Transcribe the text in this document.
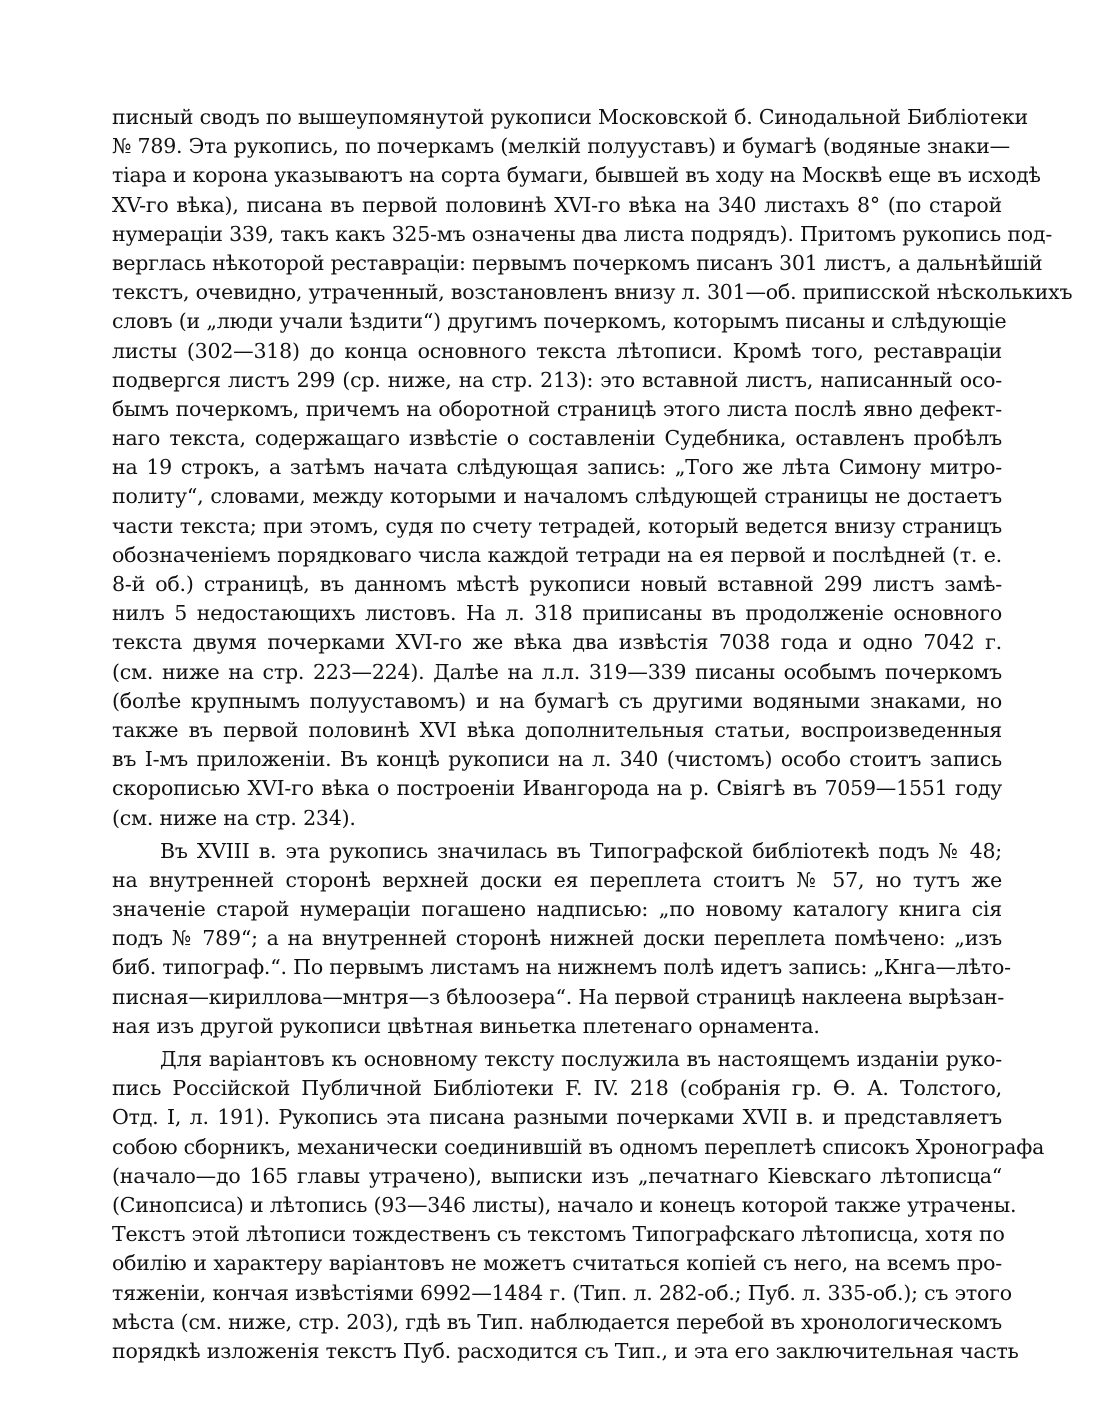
писный сводъ по вышеупомянутой рукописи Московской б. Синодальной Библіотеки
№ 789. Эта рукопись, по почеркамъ (мелкій полууставъ) и бумагѣ (водяные знаки—
тіара и корона указываютъ на сорта бумаги, бывшей въ ходу на Москвѣ еще въ исходѣ
XV-го вѣка), писана въ первой половинѣ XVI-го вѣка на 340 листахъ 8° (по старой
нумераціи 339, такъ какъ 325-мъ означены два листа подрядъ). Притомъ рукопись под-
верглась нѣкоторой реставраціи: первымъ почеркомъ писанъ 301 листъ, а дальнѣйшій
текстъ, очевидно, утраченный, возстановленъ внизу л. 301—об. приписской нѣсколькихъ
словъ (и „люди учали ѣздити“) другимъ почеркомъ, которымъ писаны и слѣдующіе
листы (302—318) до конца основного текста лѣтописи. Кромѣ того, реставраціи
подвергся листъ 299 (ср. ниже, на стр. 213): это вставной листъ, написанный осо-
бымъ почеркомъ, причемъ на оборотной страницѣ этого листа послѣ явно дефект-
наго текста, содержащаго извѣстіе о составленіи Судебника, оставленъ пробѣлъ
на 19 строкъ, а затѣмъ начата слѣдующая запись: „Того же лѣта Симону митро-
политу“, словами, между которыми и началомъ слѣдующей страницы не достаетъ
части текста; при этомъ, судя по счету тетрадей, который ведется внизу страницъ
обозначеніемъ порядковаго числа каждой тетради на ея первой и послѣдней (т. е.
8-й об.) страницѣ, въ данномъ мѣстѣ рукописи новый вставной 299 листъ замѣ-
нилъ 5 недостающихъ листовъ. На л. 318 приписаны въ продолженіе основного
текста двумя почерками XVI-го же вѣка два извѣстія 7038 года и одно 7042 г.
(см. ниже на стр. 223—224). Далѣе на л.л. 319—339 писаны особымъ почеркомъ
(болѣе крупнымъ полууставомъ) и на бумагѣ съ другими водяными знаками, но
также въ первой половинѣ XVI вѣка дополнительныя статьи, воспроизведенныя
въ I-мъ приложеніи. Въ концѣ рукописи на л. 340 (чистомъ) особо стоитъ запись
скорописью XVI-го вѣка о построеніи Ивангорода на р. Свіягѣ въ 7059—1551 году
(см. ниже на стр. 234).
Въ XVIII в. эта рукопись значилась въ Типографской библіотекѣ подъ № 48;
на внутренней сторонѣ верхней доски ея переплета стоитъ № 57, но тутъ же
значеніе старой нумераціи погашено надписью: „по новому каталогу книга сія
подъ № 789“; а на внутренней сторонѣ нижней доски переплета помѣчено: „изъ
биб. типограф.“. По первымъ листамъ на нижнемъ полѣ идетъ запись: „Кнга—лѣто-
писная—кириллова—мнтря—з бѣлоозера“. На первой страницѣ наклеена вырѣзан-
ная изъ другой рукописи цвѣтная виньетка плетенаго орнамента.
Для варіантовъ къ основному тексту послужила въ настоящемъ изданіи руко-
пись Россійской Публичной Библіотеки F. IV. 218 (собранія гр. Ѳ. А. Толстого,
Отд. I, л. 191). Рукопись эта писана разными почерками XVII в. и представляетъ
собою сборникъ, механически соединившій въ одномъ переплетѣ списокъ Хронографа
(начало—до 165 главы утрачено), выписки изъ „печатнаго Кіевскаго лѣтописца“
(Синопсиса) и лѣтопись (93—346 листы), начало и конецъ которой также утрачены.
Текстъ этой лѣтописи тождественъ съ текстомъ Типографскаго лѣтописца, хотя по
обилію и характеру варіантовъ не можетъ считаться копіей съ него, на всемъ про-
тяженіи, кончая извѣстіями 6992—1484 г. (Тип. л. 282-об.; Пуб. л. 335-об.); съ этого
мѣста (см. ниже, стр. 203), гдѣ въ Тип. наблюдается перебой въ хронологическомъ
порядкѣ изложенія текстъ Пуб. расходится съ Тип., и эта его заключительная часть
